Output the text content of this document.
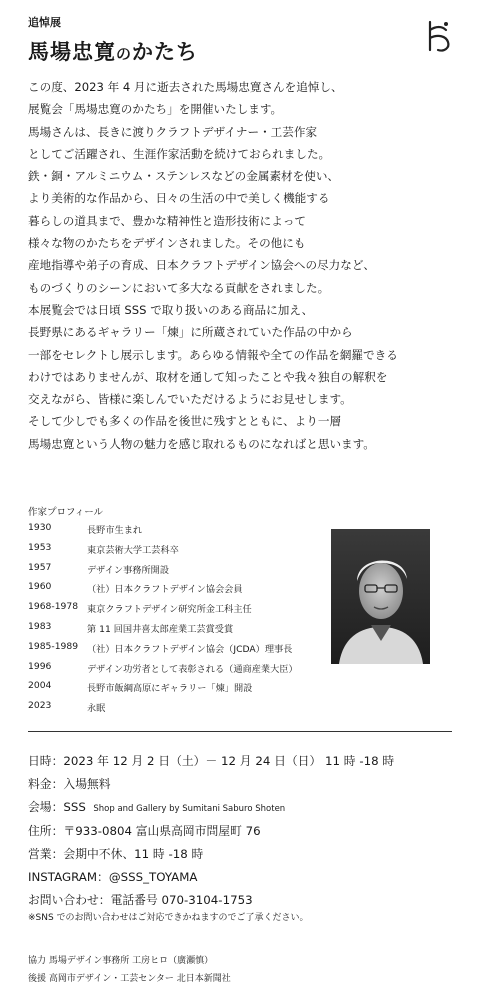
追悼展
馬場忠寛のかたち
この度、2023 年 4 月に逝去された馬場忠寛さんを追悼し、
展覧会「馬場忠寛のかたち」を開催いたします。
馬場さんは、長きに渡りクラフトデザイナー・工芸作家
としてご活躍され、生涯作家活動を続けておられました。
鉄・銅・アルミニウム・ステンレスなどの金属素材を使い、
より美術的な作品から、日々の生活の中で美しく機能する
暮らしの道具まで、豊かな精神性と造形技術によって
様々な物のかたちをデザインされました。その他にも
産地指導や弟子の育成、日本クラフトデザイン協会への尽力など、
ものづくりのシーンにおいて多大なる貢献をされました。
本展覧会では日頃 SSS で取り扱いのある商品に加え、
長野県にあるギャラリー「煉」に所蔵されていた作品の中から
一部をセレクトし展示します。あらゆる情報や全ての作品を網羅できる
わけではありませんが、取材を通して知ったことや我々独自の解釈を
交えながら、皆様に楽しんでいただけるようにお見せします。
そして少しでも多くの作品を後世に残すとともに、より一層
馬場忠寛という人物の魅力を感じ取れるものになればと思います。
作家プロフィール
1930	長野市生まれ
1953	東京芸術大学工芸科卒
1957	デザイン事務所開設
1960	（社）日本クラフトデザイン協会会員
1968-1978 東京クラフトデザイン研究所金工科主任
1983	第 11 回国井喜太郎産業工芸賞受賞
1985-1989 （社）日本クラフトデザイン協会（JCDA）理事長
1996	デザイン功労者として表彰される（通商産業大臣）
2004	長野市飯綱高原にギャラリー「煉」開設
2023	永眠
日時：2023 年 12 月 2 日（土）－ 12 月 24 日（日） 11 時 -18 時
料金：入場無料
会場：SSS Shop and Gallery by Sumitani Saburo Shoten
住所：〒933-0804 富山県高岡市問屋町 76
営業：会期中不休、11 時 -18 時
INSTAGRAM：@SSS_TOYAMA
お問い合わせ：電話番号 070-3104-1753
※SNS でのお問い合わせはご対応できかねますのでご了承ください。
協力 馬場デザイン事務所 工房ヒロ（廣瀬慎）
後援 高岡市デザイン・工芸センター 北日本新聞社
